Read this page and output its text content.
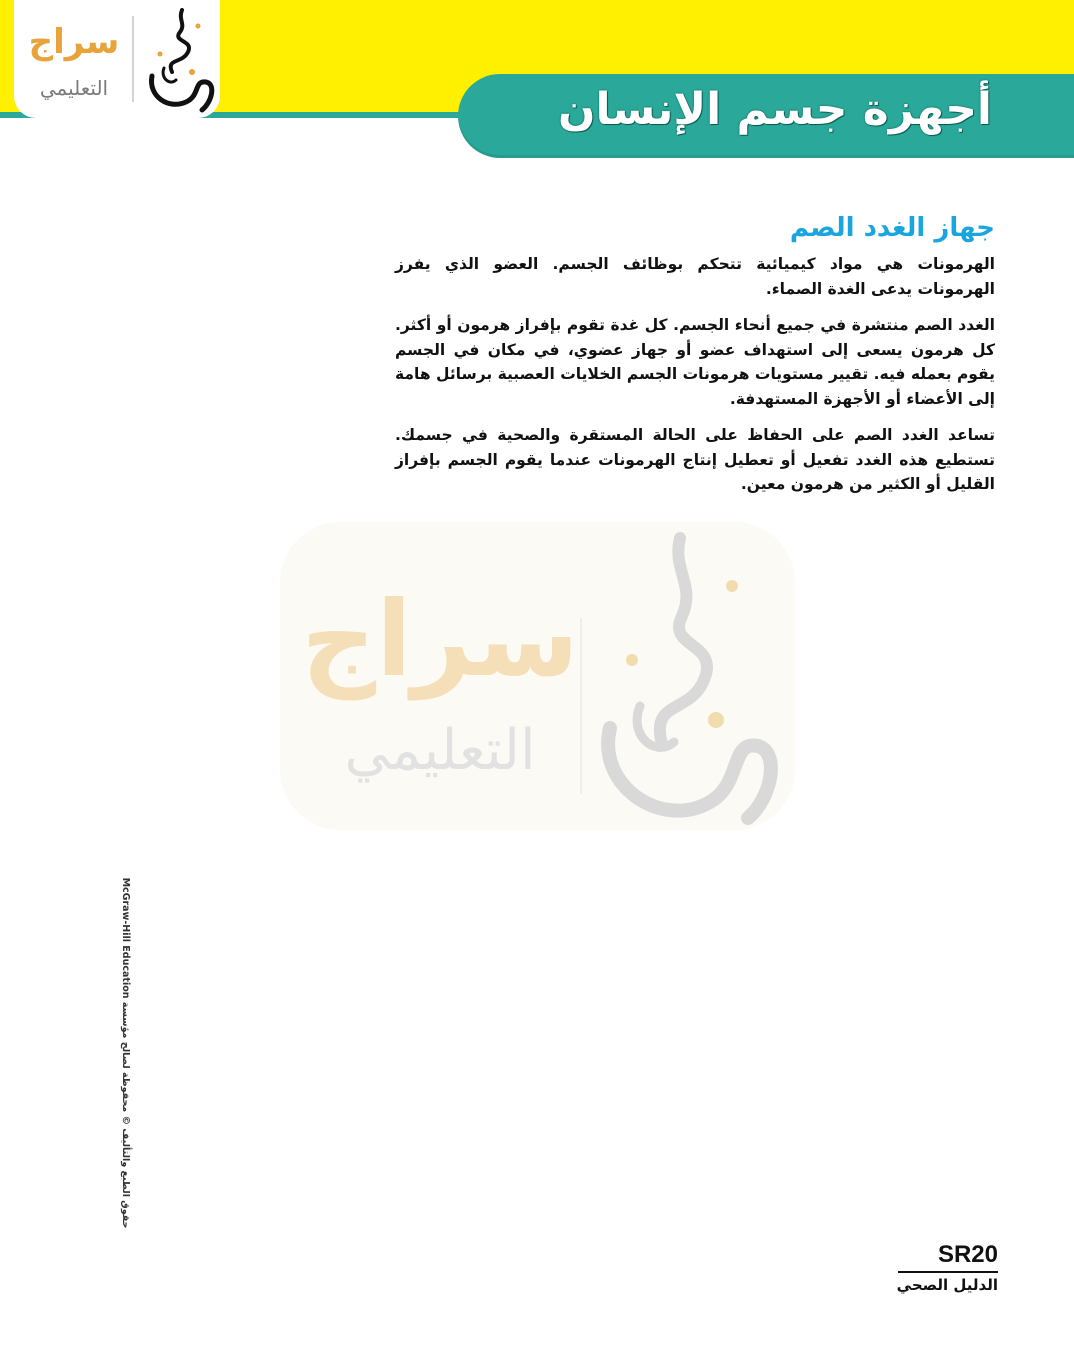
أجهزة جسم الإنسان
سراج
التعليمي
جهاز الغدد الصم

الهرمونات هي مواد كيميائية تتحكم بوظائف الجسم. العضو الذي يفرز الهرمونات يدعى الغدة الصماء.

الغدد الصم منتشرة في جميع أنحاء الجسم. كل غدة تقوم بإفراز هرمون أو أكثر. كل هرمون يسعى إلى استهداف عضو أو جهاز عضوي، في مكان في الجسم يقوم بعمله فيه. تقيير مستويات هرمونات الجسم الخلايات العصبية برسائل هامة إلى الأعضاء أو الأجهزة المستهدفة.

تساعد الغدد الصم على الحفاظ على الحالة المستقرة والصحية في جسمك. تستطيع هذه الغدد تفعيل أو تعطيل إنتاج الهرمونات عندما يقوم الجسم بإفراز القليل أو الكثير من هرمون معين.

سراج
التعليمي
حقوق الطبع والتأليف © محفوظة لصالح مؤسسة McGraw-Hill Education
SR20
الدليل الصحي
